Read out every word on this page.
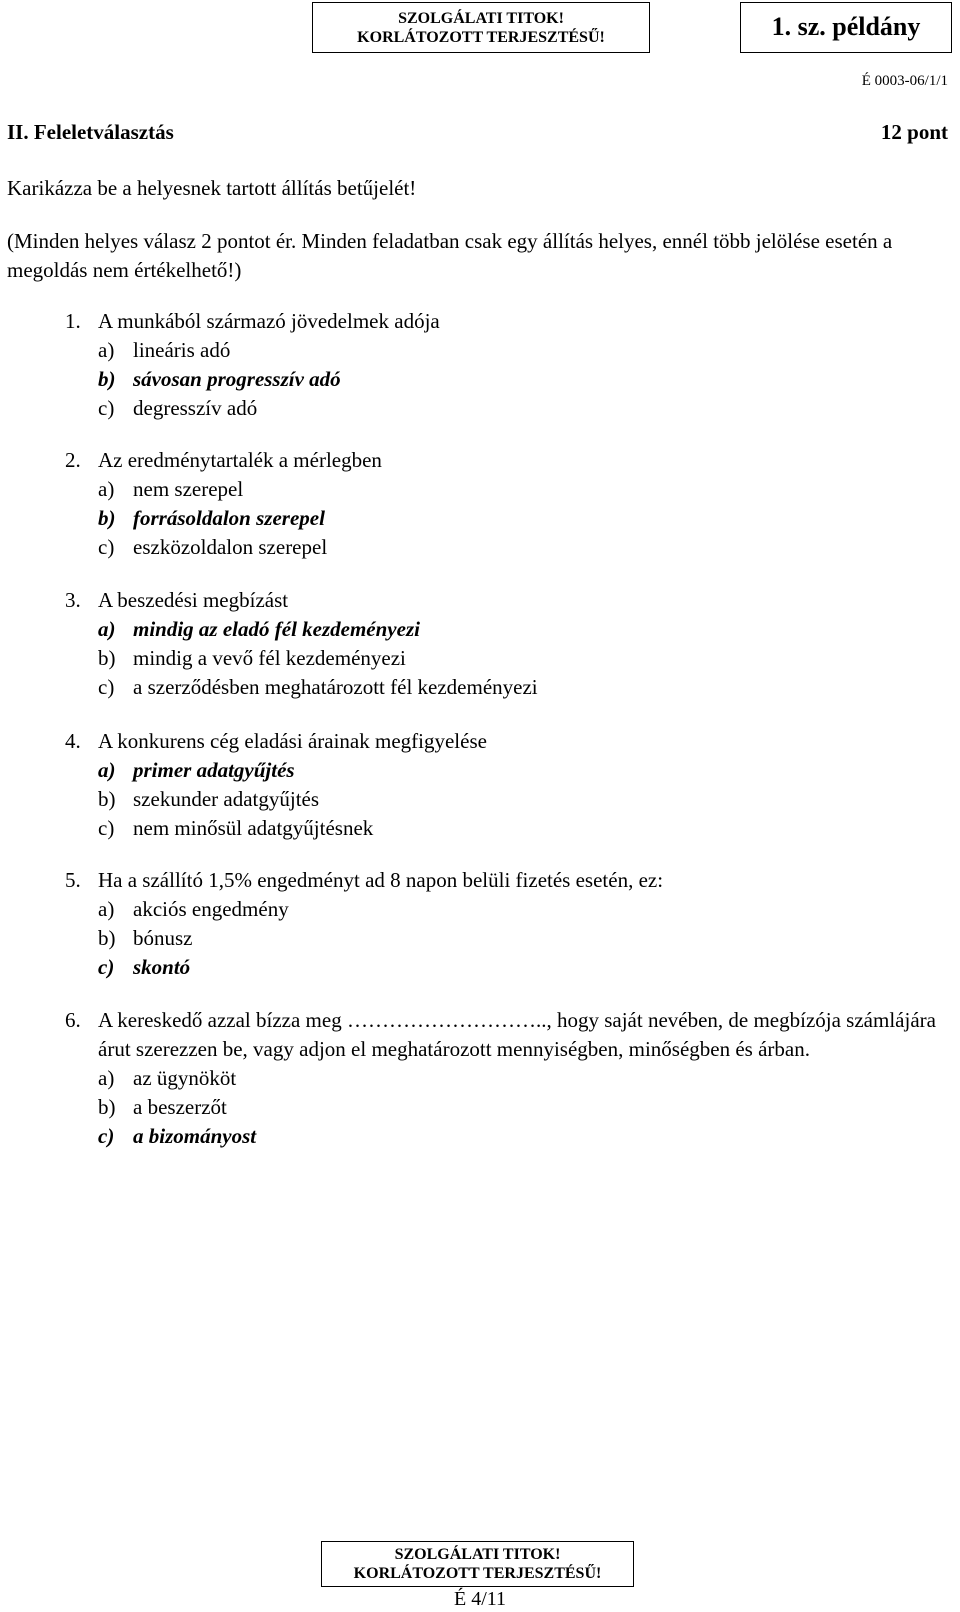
SZOLGÁLATI TITOK!
KORLÁTOZOTT TERJESZTÉSŰ!	1. sz. példány
É 0003-06/1/1
II. Feleletválasztás	12 pont
Karikázza be a helyesnek tartott állítás betűjelét!
(Minden helyes válasz 2 pontot ér. Minden feladatban csak egy állítás helyes, ennél több jelölése esetén a megoldás nem értékelhető!)
1. A munkából származó jövedelmek adója
a) lineáris adó
b) sávosan progresszív adó
c) degresszív adó
2. Az eredménytartalék a mérlegben
a) nem szerepel
b) forrásoldalon szerepel
c) eszközoldalon szerepel
3. A beszedési megbízást
a) mindig az eladó fél kezdeményezi
b) mindig a vevő fél kezdeményezi
c) a szerződésben meghatározott fél kezdeményezi
4. A konkurens cég eladási árainak megfigyelése
a) primer adatgyűjtés
b) szekunder adatgyűjtés
c) nem minősül adatgyűjtésnek
5. Ha a szállító 1,5% engedményt ad 8 napon belüli fizetés esetén, ez:
a) akciós engedmény
b) bónusz
c) skontó
6. A kereskedő azzal bízza meg ……………………….., hogy saját nevében, de megbízója számlájára árut szerezzen be, vagy adjon el meghatározott mennyiségben, minőségben és árban.
a) az ügynököt
b) a beszerzőt
c) a bizományost
SZOLGÁLATI TITOK!
KORLÁTOZOTT TERJESZTÉSŰ!
É 4/11
